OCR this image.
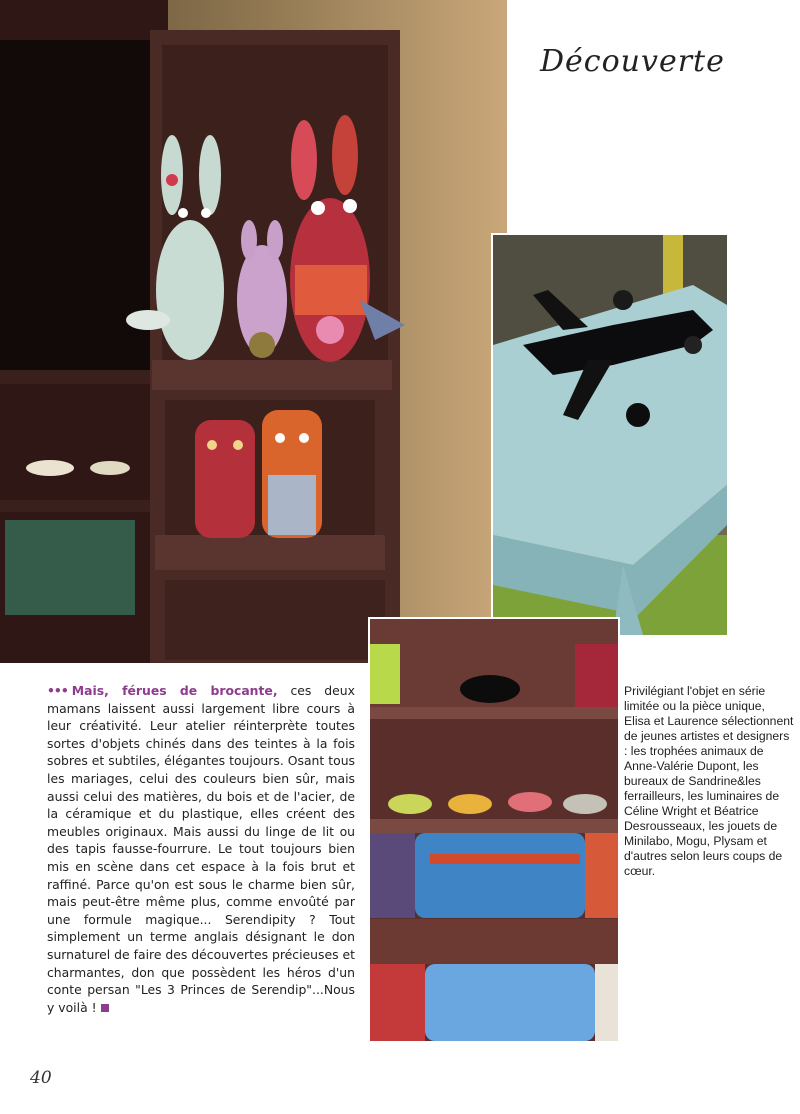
Découverte
••• Mais, férues de brocante, ces deux mamans laissent aussi largement libre cours à leur créativité. Leur atelier réinterprète toutes sortes d'objets chinés dans des teintes à la fois sobres et subtiles, élégantes toujours. Osant tous les mariages, celui des couleurs bien sûr, mais aussi celui des matières, du bois et de l'acier, de la céramique et du plastique, elles créent des meubles originaux. Mais aussi du linge de lit ou des tapis fausse-fourrure. Le tout toujours bien mis en scène dans cet espace à la fois brut et raffiné. Parce qu'on est sous le charme bien sûr, mais peut-être même plus, comme envoûté par une formule magique... Serendipity ? Tout simplement un terme anglais désignant le don surnaturel de faire des découvertes précieuses et charmantes, don que possèdent les héros d'un conte persan "Les 3 Princes de Serendip"...Nous y voilà !
Privilégiant l'objet en série limitée ou la pièce unique, Elisa et Laurence sélectionnent de jeunes artistes et designers : les trophées animaux de Anne-Valérie Dupont, les bureaux de Sandrine&les ferrailleurs, les luminaires de Céline Wright et Béatrice Desrousseaux, les jouets de Minilabo, Mogu, Plysam et d'autres selon leurs coups de cœur.
40
